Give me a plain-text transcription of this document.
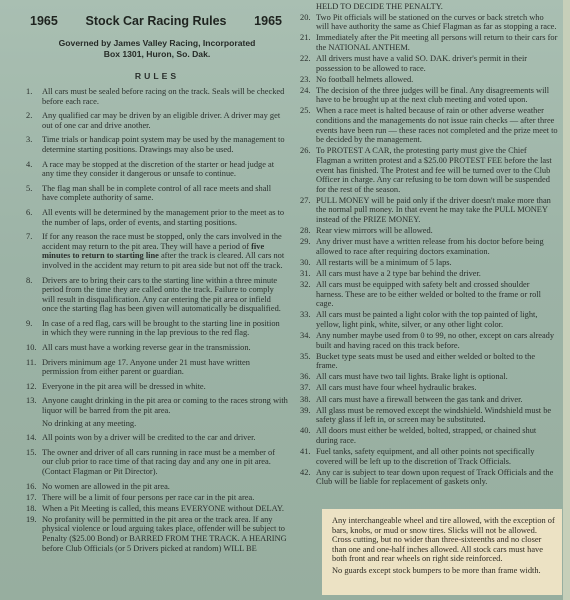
1965 Stock Car Racing Rules 1965
Governed by James Valley Racing, Incorporated
Box 1301, Huron, So. Dak.
RULES
1.	All cars must be sealed before racing on the track. Seals will be checked before each race.
2.	Any qualified car may be driven by an eligible driver. A driver may get out of one car and drive another.
3.	Time trials or handicap point system may be used by the management to determine starting positions. Drawings may also be used.
4.	A race may be stopped at the discretion of the starter or head judge at any time they consider it dangerous or unsafe to continue.
5.	The flag man shall be in complete control of all race meets and shall have complete authority of same.
6.	All events will be determined by the management prior to the meet as to the number of laps, order of events, and starting positions.
7.	If for any reason the race must be stopped, only the cars involved in the accident may return to the pit area. They will have a period of five minutes to return to starting line after the track is cleared. All cars not involved in the accident may return to pit area side but not off the track.
8.	Drivers are to bring their cars to the starting line within a three minute period from the time they are called onto the track. Failure to comply will result in disqualification. Any car entering the pit area or infield once the starting flag has been given will automatically be disqualified.
9.	In case of a red flag, cars will be brought to the starting line in position in which they were running in the lap previous to the red flag.
10. All cars must have a working reverse gear in the transmission.
11. Drivers minimum age 17. Anyone under 21 must have written permission from either parent or guardian.
12. Everyone in the pit area will be dressed in white.
13. Anyone caught drinking in the pit area or coming to the races strong with liquor will be barred from the pit area.
No drinking at any meeting.
14. All points won by a driver will be credited to the car and driver.
15. The owner and driver of all cars running in race must be a member of our club prior to race time of that racing day and any one in pit area. (Contact Flagman or Pit Director).
16. No women are allowed in the pit area.
17. There will be a limit of four persons per race car in the pit area.
18. When a Pit Meeting is called, this means EVERYONE without DELAY.
19. No profanity will be permitted in the pit area or the track area. If any physical violence or loud arguing takes place, offender will be subject to Penalty ($25.00 Bond) or BARRED FROM THE TRACK. A HEARING before Club Officials (or 5 Drivers picked at random) WILL BE
HELD TO DECIDE THE PENALTY.
20. Two Pit officials will be stationed on the curves or back stretch who will have authority the same as Chief Flagman as far as stopping a race.
21. Immediately after the Pit meeting all persons will return to their cars for the NATIONAL ANTHEM.
22. All drivers must have a valid SO. DAK. driver's permit in their possession to be allowed to race.
23. No football helmets allowed.
24. The decision of the three judges will be final. Any disagreements will have to be brought up at the next club meeting and voted upon.
25. When a race meet is halted because of rain or other adverse weather conditions and the managements do not issue rain checks — after three events have been run — these races not completed and the prize meet to be decided by the management.
26. To PROTEST A CAR, the protesting party must give the Chief Flagman a written protest and a $25.00 PROTEST FEE before the last event has finished. The Protest and fee will be turned over to the Club Officer in charge. Any car refusing to be torn down will be suspended for the rest of the season.
27. PULL MONEY will be paid only if the driver doesn't make more than the normal pull money. In that event he may take the PULL MONEY instead of the PRIZE MONEY.
28. Rear view mirrors will be allowed.
29. Any driver must have a written release from his doctor before being allowed to race after requiring doctors examination.
30. All restarts will be a minimum of 5 laps.
31. All cars must have a 2 type bar behind the driver.
32. All cars must be equipped with safety belt and crossed shoulder harness. These are to be either welded or bolted to the frame or roll cage.
33. All cars must be painted a light color with the top painted of light, yellow, light pink, white, silver, or any other light color.
34. Any number maybe used from 0 to 99, no other, except on cars already built and having raced on this track before.
35. Bucket type seats must be used and either welded or bolted to the frame.
36. All cars must have two tail lights. Brake light is optional.
37. All cars must have four wheel hydraulic brakes.
38. All cars must have a firewall between the gas tank and driver.
39. All glass must be removed except the windshield. Windshield must be safety glass if left in, or screen may be substituted.
40. All doors must either be welded, bolted, strapped, or chained shut during race.
41. Fuel tanks, safety equipment, and all other points not specifically covered will be left up to the discretion of Track Officials.
42. Any car is subject to tear down upon request of Track Officials and the Club will be liable for replacement of gaskets only.

Any interchangeable wheel and tire allowed, with the exception of bars, knobs, or mud or snow tires. Slicks will not be allowed. Cross cutting, but no wider than three-sixteenths and no closer than one and one-half inches allowed. All stock cars must have both front and rear wheels on right side reinforced.

No guards except stock bumpers to be more than frame width.
